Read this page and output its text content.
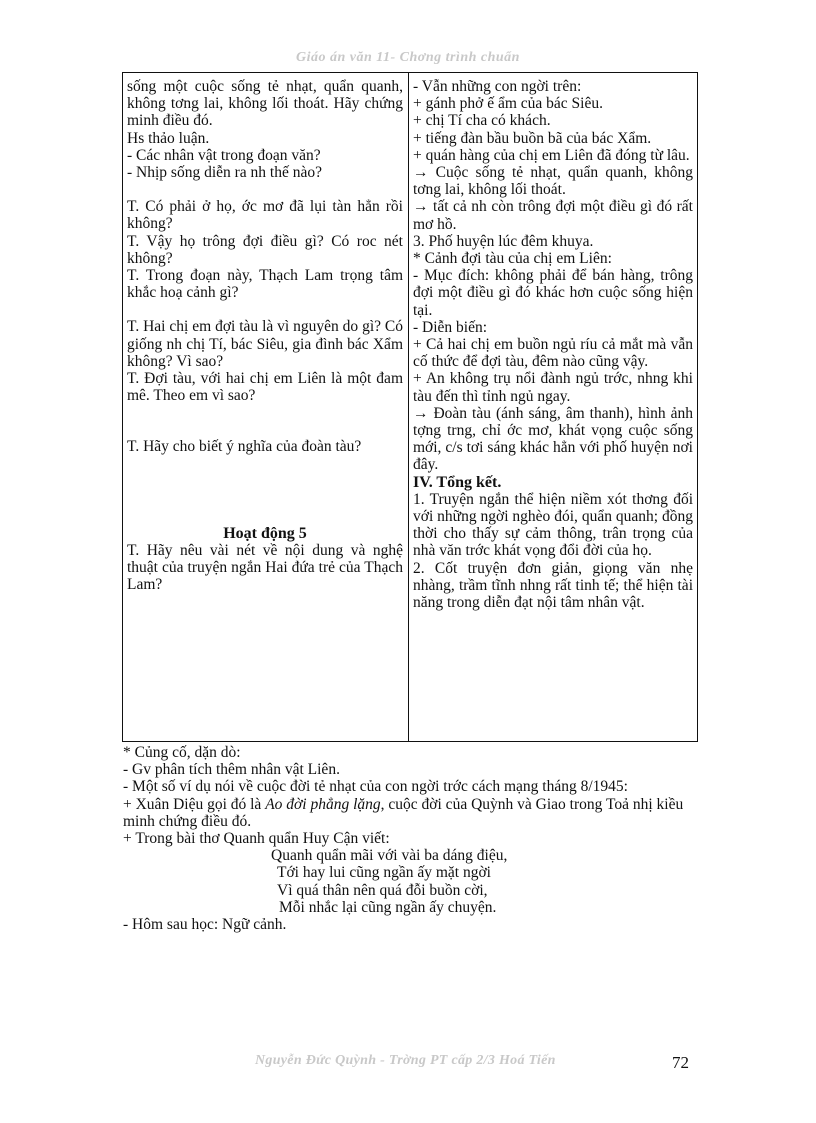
Giáo án văn 11- Chơng trình chuẩn

sống một cuộc sống tẻ nhạt, quẩn quanh, không tơng lai, không lối thoát. Hãy chứng minh điều đó.

Hs thảo luận.

- Các nhân vật trong đoạn văn?

- Nhịp sống diễn ra nh thế nào?

T. Có phải ở họ, ớc mơ đã lụi tàn hẳn rồi không?

T. Vậy họ trông đợi điều gì? Có roc nét không?

T. Trong đoạn này, Thạch Lam trọng tâm khắc hoạ cảnh gì?

T. Hai chị em đợi tàu là vì nguyên do gì? Có giống nh chị Tí, bác Siêu, gia đình bác Xẩm không? Vì sao?

T. Đợi tàu, với hai chị em Liên là một đam mê. Theo em vì sao?

T. Hãy cho biết ý nghĩa của đoàn tàu?

Hoạt động 5

T. Hãy nêu vài nét về nội dung và nghệ thuật của truyện ngắn Hai đứa trẻ của Thạch Lam?

- Vẫn những con ngời trên:

+ gánh phở ế ẩm của bác Siêu.

+ chị Tí cha có khách.

+ tiếng đàn bầu buồn bã của bác Xẩm.

+ quán hàng của chị em Liên đã đóng từ lâu.

→ Cuộc sống tẻ nhạt, quẩn quanh, không tơng lai, không lối thoát.

→ tất cả nh còn trông đợi một điều gì đó rất mơ hồ.

3. Phố huyện lúc đêm khuya.

* Cảnh đợi tàu của chị em Liên:

- Mục đích: không phải để bán hàng, trông đợi một điều gì đó khác hơn cuộc sống hiện tại.

- Diễn biến:

+ Cả hai chị em buồn ngủ ríu cả mắt mà vẫn cố thức để đợi tàu, đêm nào cũng vậy.

+ An không trụ nổi đành ngủ trớc, nhng khi tàu đến thì tỉnh ngủ ngay.

→ Đoàn tàu (ánh sáng, âm thanh), hình ảnh tợng trng, chỉ ớc mơ, khát vọng cuộc sống mới, c/s tơi sáng khác hẳn với phố huyện nơi đây.

IV. Tổng kết.

1. Truyện ngắn thể hiện niềm xót thơng đối với những ngời nghèo đói, quẩn quanh; đồng thời cho thấy sự cảm thông, trân trọng của nhà văn trớc khát vọng đổi đời của họ.

2. Cốt truyện đơn giản, giọng văn nhẹ nhàng, trầm tĩnh nhng rất tinh tế; thể hiện tài năng trong diễn đạt nội tâm nhân vật.

* Củng cố, dặn dò:

- Gv phân tích thêm nhân vật Liên.

- Một số ví dụ nói về cuộc đời tẻ nhạt của con ngời trớc cách mạng tháng 8/1945:

+ Xuân Diệu gọi đó là Ao đời phẳng lặng, cuộc đời của Quỳnh và Giao trong Toả nhị kiều minh chứng điều đó.

+ Trong bài thơ Quanh quẩn Huy Cận viết:

Quanh quẩn mãi với vài ba dáng điệu,

Tới hay lui cũng ngần ấy mặt ngời

Vì quá thân nên quá đỗi buồn cời,

Mỗi nhắc lại cũng ngần ấy chuyện.

- Hôm sau học: Ngữ cảnh.

Nguyễn Đức Quỳnh - Trờng PT cấp 2/3 Hoá Tiến	72
